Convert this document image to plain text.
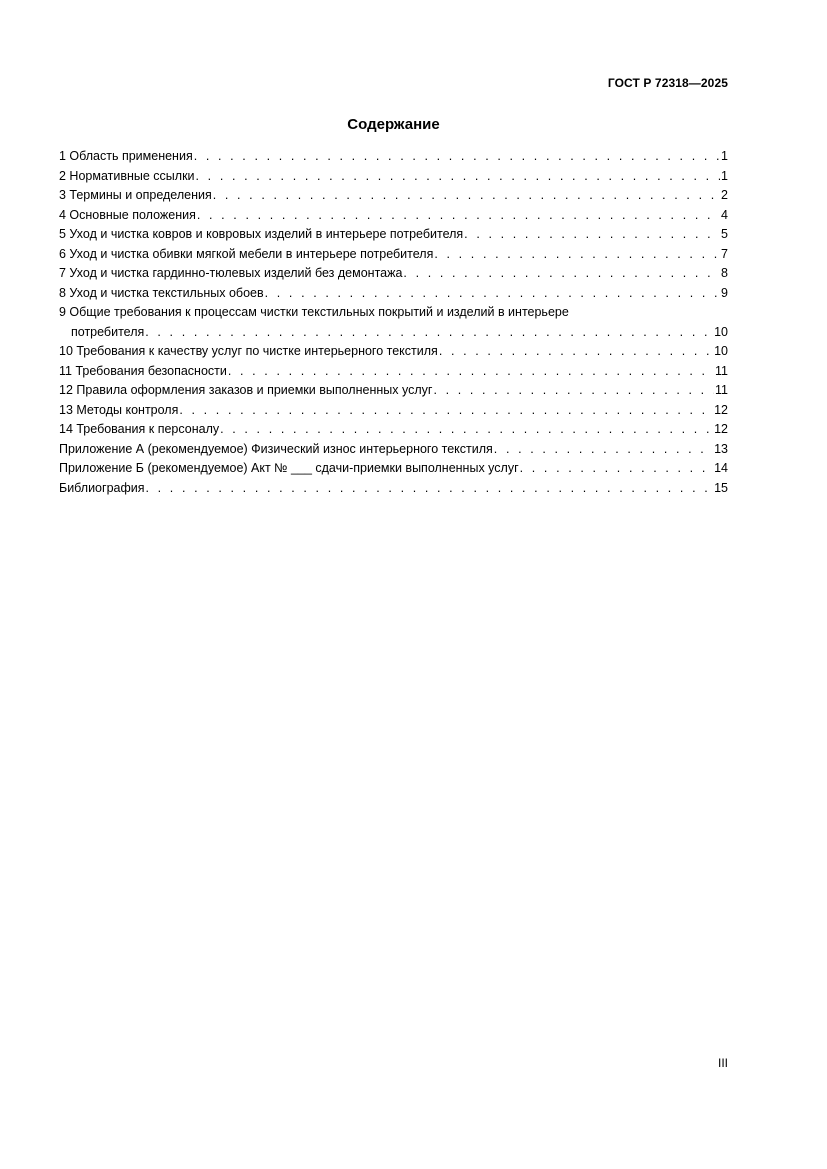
ГОСТ Р 72318—2025
Содержание
1 Область применения . . .	1
2 Нормативные ссылки . . .	1
3 Термины и определения . . .	2
4 Основные положения . . .	4
5 Уход и чистка ковров и ковровых изделий в интерьере потребителя . . .	5
6 Уход и чистка обивки мягкой мебели в интерьере потребителя . . .	7
7 Уход и чистка гардинно-тюлевых изделий без демонтажа . . .	8
8 Уход и чистка текстильных обоев . . .	9
9 Общие требования к процессам чистки текстильных покрытий и изделий в интерьере
потребителя . . .	10
10 Требования к качеству услуг по чистке интерьерного текстиля . . .	10
11 Требования безопасности . . .	11
12 Правила оформления заказов и приемки выполненных услуг . . .	11
13 Методы контроля . . .	12
14 Требования к персоналу . . .	12
Приложение А (рекомендуемое) Физический износ интерьерного текстиля . . .	13
Приложение Б (рекомендуемое) Акт № ___ сдачи-приемки выполненных услуг . . .	14
Библиография . . .	15
III
